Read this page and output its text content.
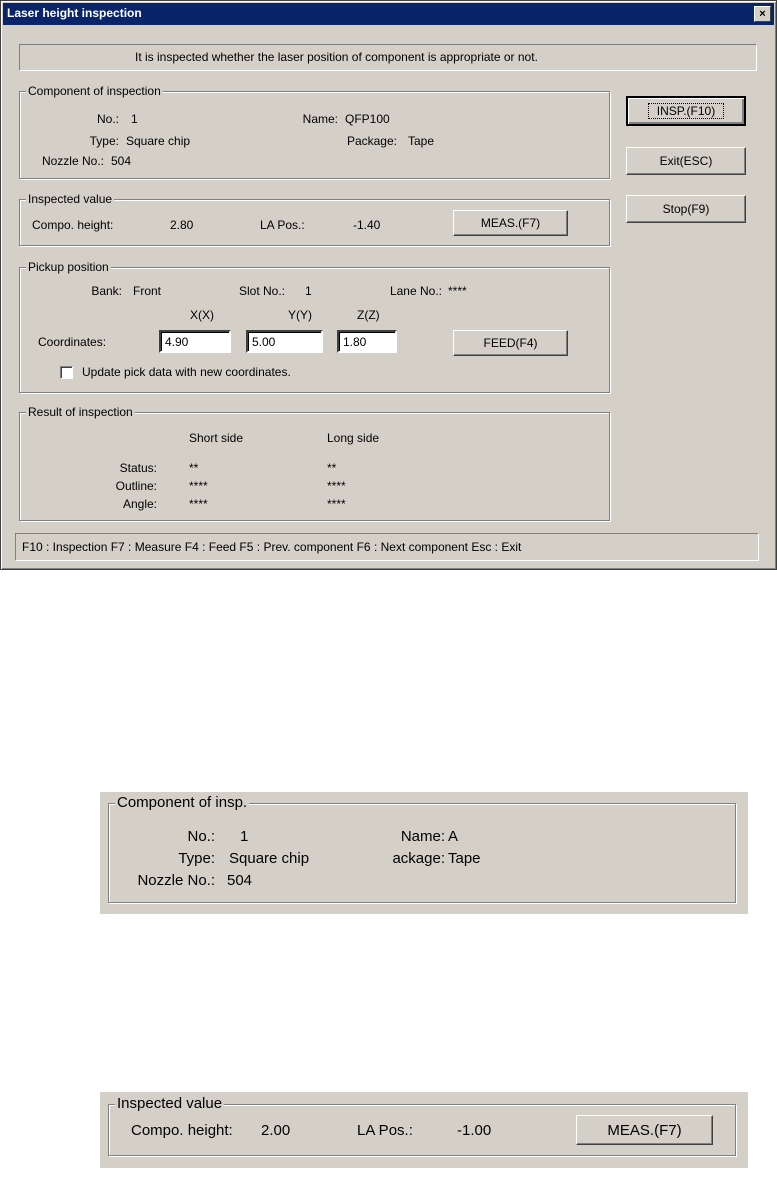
Laser height inspection	×
It is inspected whether the laser position of component is appropriate or not.
Component of inspection
No.: 1	Name: QFP100
Type: Square chip	Package: Tape
Nozzle No.: 504
Inspected value
Compo. height:	2.80	LA Pos.:	-1.40	MEAS.(F7)
Pickup position
Bank: Front	Slot No.: 1	Lane No.: ****
X(X)	Y(Y)	Z(Z)
Coordinates:	4.90	5.00	1.80	FEED(F4)
Update pick data with new coordinates.
Result of inspection
Short side	Long side
Status:	**	**
Outline:	****	****
Angle:	****	****
INSP.(F10)
Exit(ESC)
Stop(F9)
F10 : Inspection F7 : Measure F4 : Feed F5 : Prev. component F6 : Next component Esc : Exit
Component of insp.
No.: 1	Name: A
Type: Square chip	ackage: Tape
Nozzle No.: 504
Inspected value
Compo. height: 2.00	LA Pos.:	-1.00	MEAS.(F7)
